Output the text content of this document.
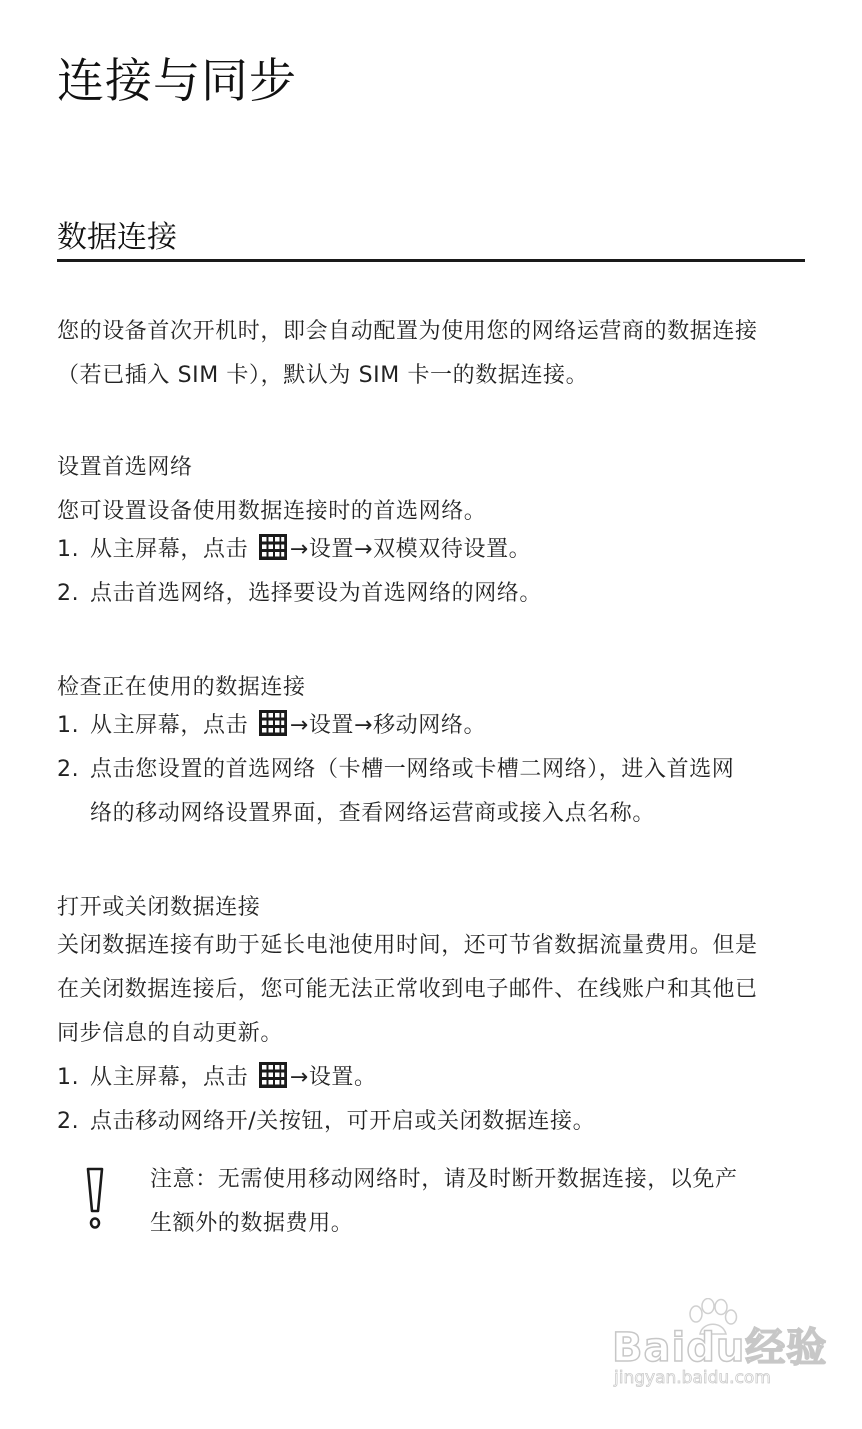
连接与同步
数据连接
您的设备首次开机时，即会自动配置为使用您的网络运营商的数据连接
（若已插入 SIM 卡），默认为 SIM 卡一的数据连接。
设置首选网络
您可设置设备使用数据连接时的首选网络。
1. 从主屏幕，点击 →设置→双模双待设置。
2. 点击首选网络，选择要设为首选网络的网络。
检查正在使用的数据连接
1. 从主屏幕，点击 →设置→移动网络。
2. 点击您设置的首选网络（卡槽一网络或卡槽二网络），进入首选网
络的移动网络设置界面，查看网络运营商或接入点名称。
打开或关闭数据连接
关闭数据连接有助于延长电池使用时间，还可节省数据流量费用。但是
在关闭数据连接后，您可能无法正常收到电子邮件、在线账户和其他已
同步信息的自动更新。
1. 从主屏幕，点击 →设置。
2. 点击移动网络开/关按钮，可开启或关闭数据连接。
注意：无需使用移动网络时，请及时断开数据连接，以免产
生额外的数据费用。
Baidu经验
jingyan.baidu.com
